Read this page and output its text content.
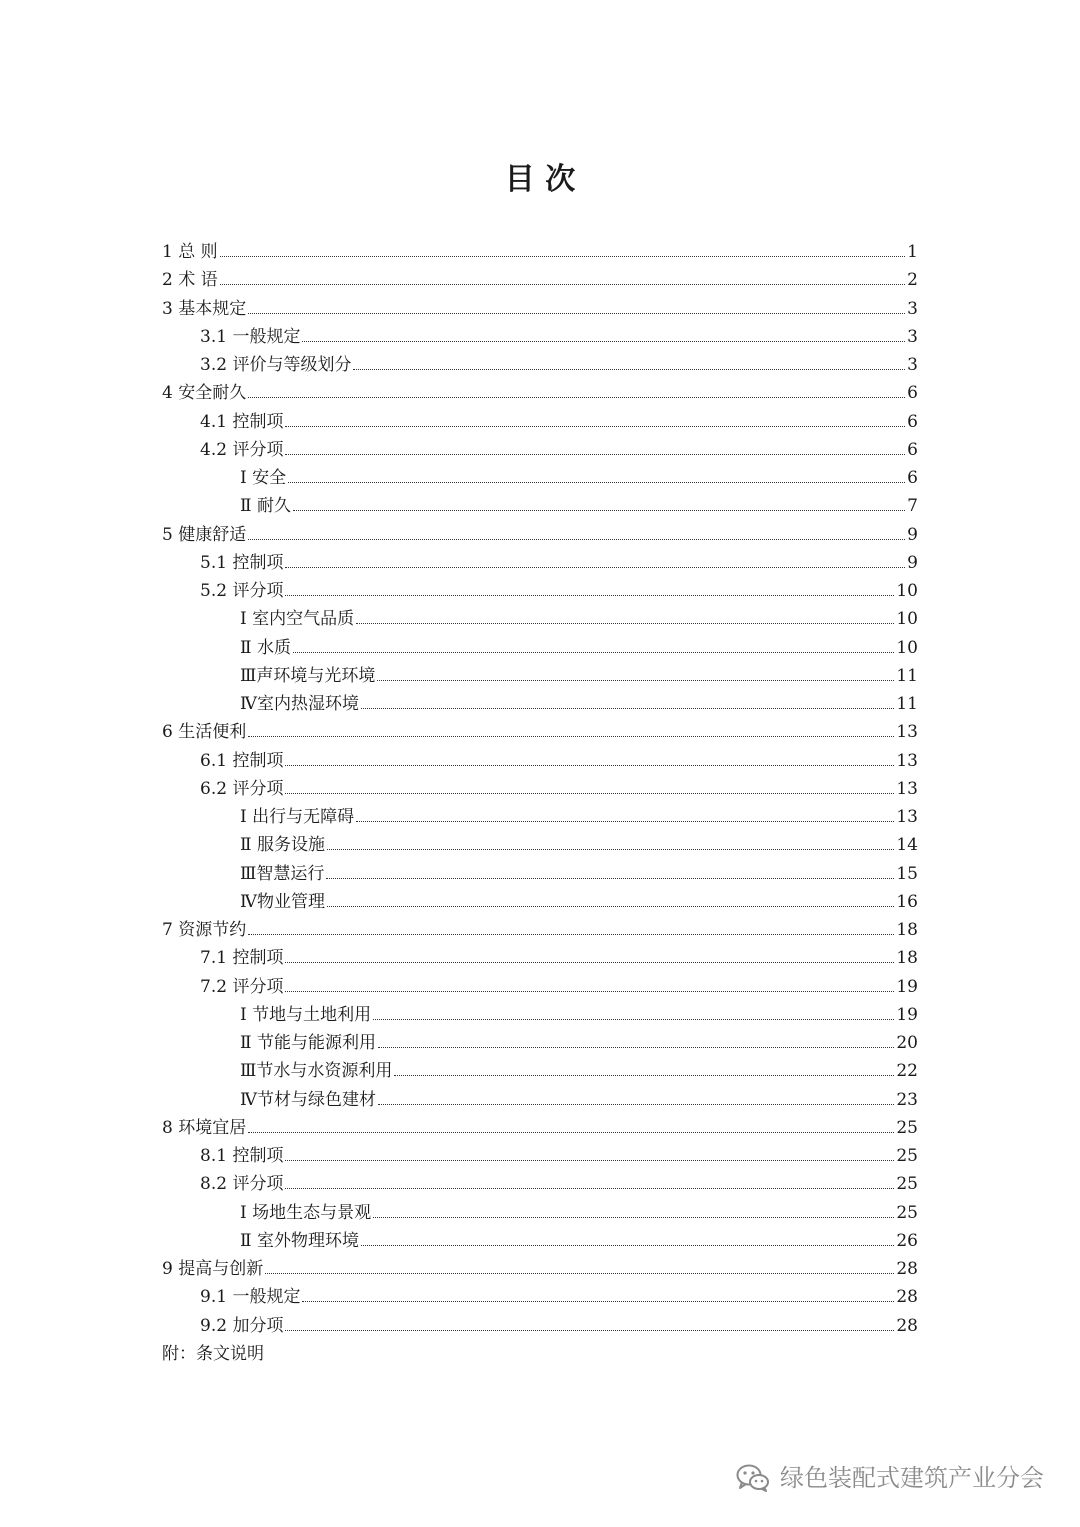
目 次
1 总 则	1
2 术 语	2
3 基本规定	3
3.1 一般规定	3
3.2 评价与等级划分	3
4 安全耐久	6
4.1 控制项	6
4.2 评分项	6
Ⅰ 安全	6
Ⅱ 耐久	7
5 健康舒适	9
5.1 控制项	9
5.2 评分项	10
Ⅰ 室内空气品质	10
Ⅱ 水质	10
Ⅲ声环境与光环境	11
Ⅳ室内热湿环境	11
6 生活便利	13
6.1 控制项	13
6.2 评分项	13
Ⅰ 出行与无障碍	13
Ⅱ 服务设施	14
Ⅲ智慧运行	15
Ⅳ物业管理	16
7 资源节约	18
7.1 控制项	18
7.2 评分项	19
Ⅰ 节地与土地利用	19
Ⅱ 节能与能源利用	20
Ⅲ节水与水资源利用	22
Ⅳ节材与绿色建材	23
8 环境宜居	25
8.1 控制项	25
8.2 评分项	25
Ⅰ 场地生态与景观	25
Ⅱ 室外物理环境	26
9 提高与创新	28
9.1 一般规定	28
9.2 加分项	28
附：条文说明
绿色装配式建筑产业分会
